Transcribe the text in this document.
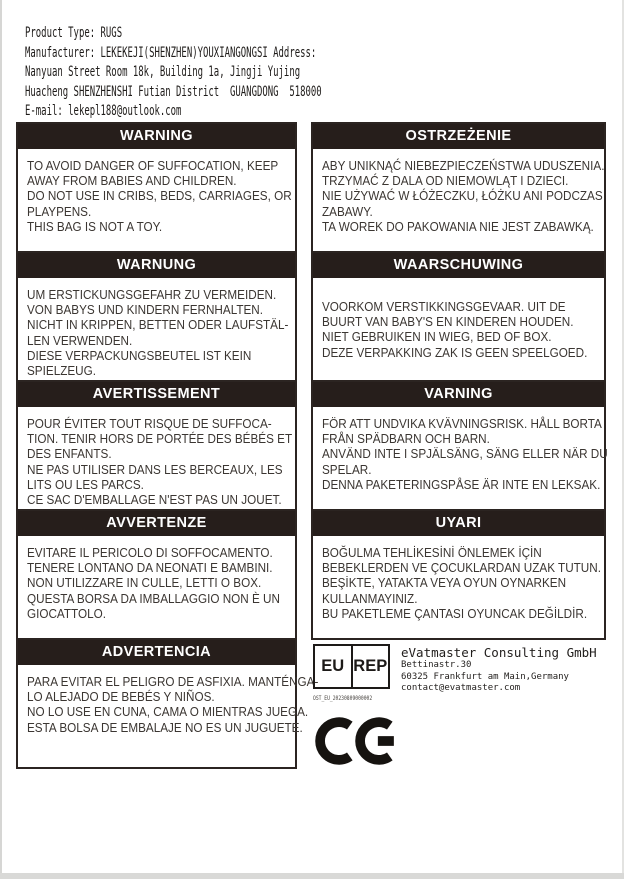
Product Type: RUGS
Manufacturer: LEKEKEJI(SHENZHEN)YOUXIANGONGSI Address:
Nanyuan Street Room 18k, Building 1a, Jingji Yujing
Huacheng SHENZHENSHI Futian District  GUANGDONG  518000
E-mail: lekepl188@outlook.com
WARNING
TO AVOID DANGER OF SUFFOCATION, KEEP
AWAY FROM BABIES AND CHILDREN.
DO NOT USE IN CRIBS, BEDS, CARRIAGES, OR
PLAYPENS.
THIS BAG IS NOT A TOY.
OSTRZEŻENIE
ABY UNIKNĄĆ NIEBEZPIECZEŃSTWA UDUSZENIA.
TRZYMAĆ Z DALA OD NIEMOWLĄT I DZIECI.
NIE UŻYWAĆ W ŁÓŻECZKU, ŁÓŻKU ANI PODCZAS
ZABAWY.
TA WOREK DO PAKOWANIA NIE JEST ZABAWKĄ.
WARNUNG
UM ERSTICKUNGSGEFAHR ZU VERMEIDEN.
VON BABYS UND KINDERN FERNHALTEN.
NICHT IN KRIPPEN, BETTEN ODER LAUFSTÄL-
LEN VERWENDEN.
DIESE VERPACKUNGSBEUTEL IST KEIN
SPIELZEUG.
WAARSCHUWING
VOORKOM VERSTIKKINGSGEVAAR. UIT DE
BUURT VAN BABY'S EN KINDEREN HOUDEN.
NIET GEBRUIKEN IN WIEG, BED OF BOX.
DEZE VERPAKKING ZAK IS GEEN SPEELGOED.
AVERTISSEMENT
POUR ÉVITER TOUT RISQUE DE SUFFOCA-
TION. TENIR HORS DE PORTÉE DES BÉBÉS ET
DES ENFANTS.
NE PAS UTILISER DANS LES BERCEAUX, LES
LITS OU LES PARCS.
CE SAC D'EMBALLAGE N'EST PAS UN JOUET.
VARNING
FÖR ATT UNDVIKA KVÄVNINGSRISK. HÅLL BORTA
FRÅN SPÄDBARN OCH BARN.
ANVÄND INTE I SPJÄLSÄNG, SÄNG ELLER NÄR DU
SPELAR.
DENNA PAKETERINGSPÅSE ÄR INTE EN LEKSAK.
AVVERTENZE
EVITARE IL PERICOLO DI SOFFOCAMENTO.
TENERE LONTANO DA NEONATI E BAMBINI.
NON UTILIZZARE IN CULLE, LETTI O BOX.
QUESTA BORSA DA IMBALLAGGIO NON È UN
GIOCATTOLO.
UYARI
BOĞULMA TEHLİKESİNİ ÖNLEMEK İÇİN
BEBEKLERDEN VE ÇOCUKLARDAN UZAK TUTUN.
BEŞİKTE, YATAKTA VEYA OYUN OYNARKEN
KULLANMAYINIZ.
BU PAKETLEME ÇANTASI OYUNCAK DEĞİLDİR.
ADVERTENCIA
PARA EVITAR EL PELIGRO DE ASFIXIA. MANTÉNGA-
LO ALEJADO DE BEBÉS Y NIÑOS.
NO LO USE EN CUNA, CAMA O MIENTRAS JUEGA.
ESTA BOLSA DE EMBALAJE NO ES UN JUGUETE.
EU REP
OST_EU_20230809000002
eVatmaster Consulting GmbH
Bettinastr.30
60325 Frankfurt am Main,Germany
contact@evatmaster.com
